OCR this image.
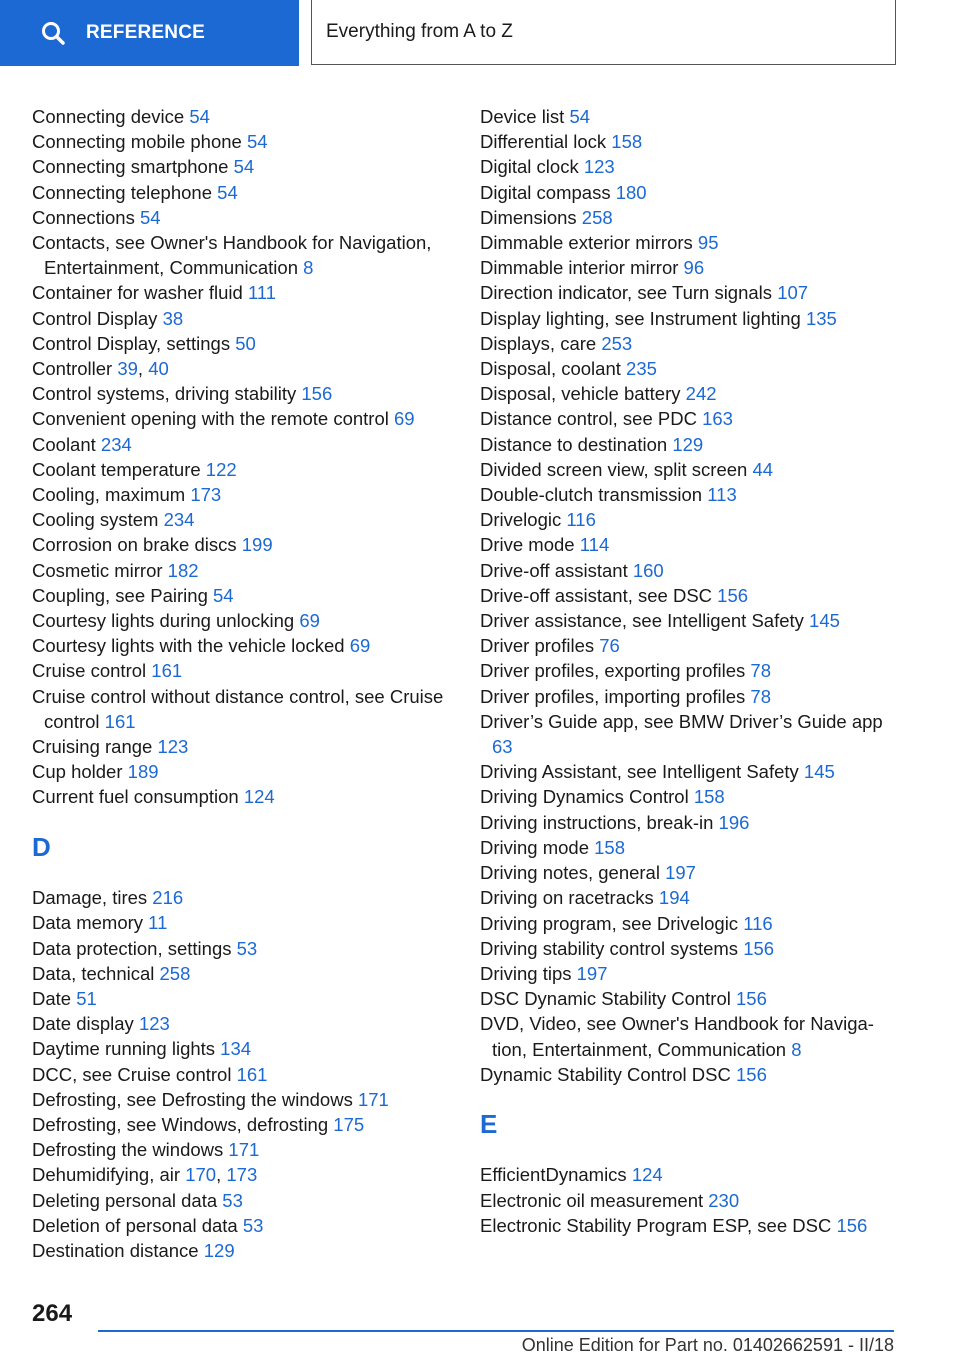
REFERENCE	Everything from A to Z
Connecting device 54
Connecting mobile phone 54
Connecting smartphone 54
Connecting telephone 54
Connections 54
Contacts, see Owner's Handbook for Navigation, Entertainment, Communication 8
Container for washer fluid 111
Control Display 38
Control Display, settings 50
Controller 39, 40
Control systems, driving stability 156
Convenient opening with the remote control 69
Coolant 234
Coolant temperature 122
Cooling, maximum 173
Cooling system 234
Corrosion on brake discs 199
Cosmetic mirror 182
Coupling, see Pairing 54
Courtesy lights during unlocking 69
Courtesy lights with the vehicle locked 69
Cruise control 161
Cruise control without distance control, see Cruise control 161
Cruising range 123
Cup holder 189
Current fuel consumption 124
D
Damage, tires 216
Data memory 11
Data protection, settings 53
Data, technical 258
Date 51
Date display 123
Daytime running lights 134
DCC, see Cruise control 161
Defrosting, see Defrosting the windows 171
Defrosting, see Windows, defrosting 175
Defrosting the windows 171
Dehumidifying, air 170, 173
Deleting personal data 53
Deletion of personal data 53
Destination distance 129
Device list 54
Differential lock 158
Digital clock 123
Digital compass 180
Dimensions 258
Dimmable exterior mirrors 95
Dimmable interior mirror 96
Direction indicator, see Turn signals 107
Display lighting, see Instrument lighting 135
Displays, care 253
Disposal, coolant 235
Disposal, vehicle battery 242
Distance control, see PDC 163
Distance to destination 129
Divided screen view, split screen 44
Double-clutch transmission 113
Drivelogic 116
Drive mode 114
Drive-off assistant 160
Drive-off assistant, see DSC 156
Driver assistance, see Intelligent Safety 145
Driver profiles 76
Driver profiles, exporting profiles 78
Driver profiles, importing profiles 78
Driver’s Guide app, see BMW Driver’s Guide app 63
Driving Assistant, see Intelligent Safety 145
Driving Dynamics Control 158
Driving instructions, break-in 196
Driving mode 158
Driving notes, general 197
Driving on racetracks 194
Driving program, see Drivelogic 116
Driving stability control systems 156
Driving tips 197
DSC Dynamic Stability Control 156
DVD, Video, see Owner's Handbook for Naviga‐tion, Entertainment, Communication 8
Dynamic Stability Control DSC 156
E
EfficientDynamics 124
Electronic oil measurement 230
Electronic Stability Program ESP, see DSC 156
264
Online Edition for Part no. 01402662591 - II/18
